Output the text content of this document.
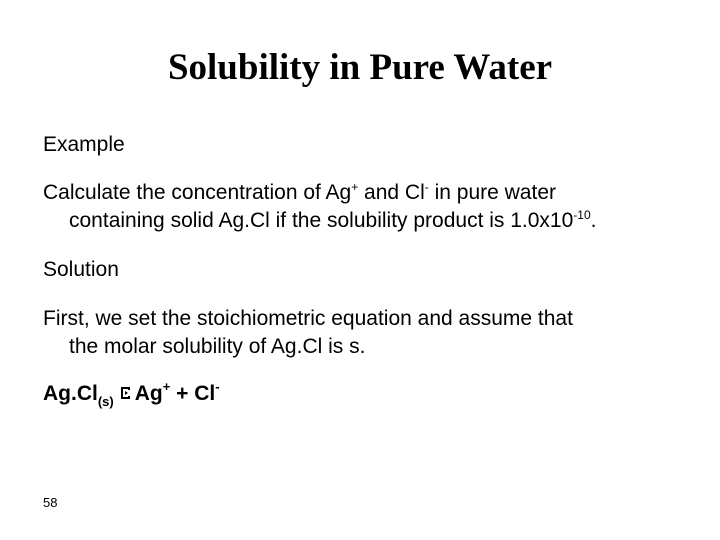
Solubility in Pure Water
Example
Calculate the concentration of Ag+ and Cl- in pure water
containing solid Ag.Cl if the solubility product is $1.0x10^{-10}$.
Solution
First, we set the stoichiometric equation and assume that
the molar solubility of Ag.Cl is s.
$Ag.Cl_{(s)}$ Ag+ + Cl-
58
